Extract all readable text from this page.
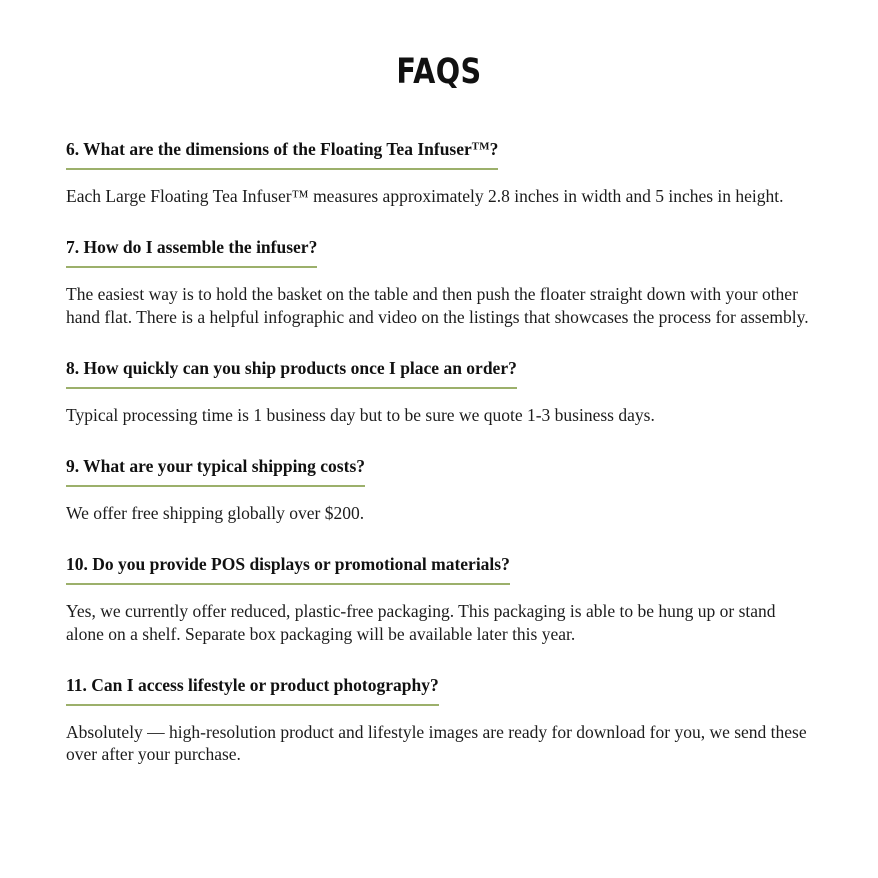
FAQS
6. What are the dimensions of the Floating Tea Infuser™?

Each Large Floating Tea Infuser™ measures approximately 2.8 inches in width and 5 inches in height.

7. How do I assemble the infuser?

The easiest way is to hold the basket on the table and then push the floater straight down with your other hand flat. There is a helpful infographic and video on the listings that showcases the process for assembly.

8. How quickly can you ship products once I place an order?

Typical processing time is 1 business day but to be sure we quote 1-3 business days.

9. What are your typical shipping costs?

We offer free shipping globally over $200.

10. Do you provide POS displays or promotional materials?

Yes, we currently offer reduced, plastic-free packaging. This packaging is able to be hung up or stand alone on a shelf. Separate box packaging will be available later this year.

11. Can I access lifestyle or product photography?

Absolutely — high-resolution product and lifestyle images are ready for download for you, we send these over after your purchase.
